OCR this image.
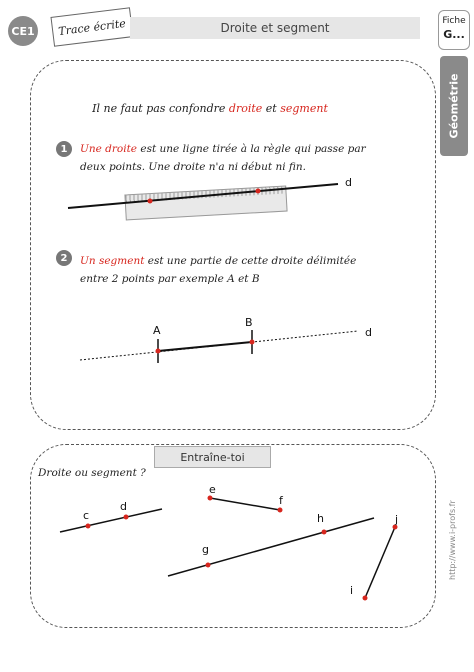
CE1	Trace écrite	Droite et segment	Fiche
G...
Géométrie
http://www.i-profs.fr
Entraîne-toi
Il ne faut pas confondre droite et segment
1	Une droite est une ligne tirée à la règle qui passe par deux points. Une droite n'a ni début ni fin.
2	Un segment est une partie de cette droite délimitée entre 2 points par exemple A et B
Droite ou segment ?
d
A
B
d
c
d
e
f
g
h
i
j
